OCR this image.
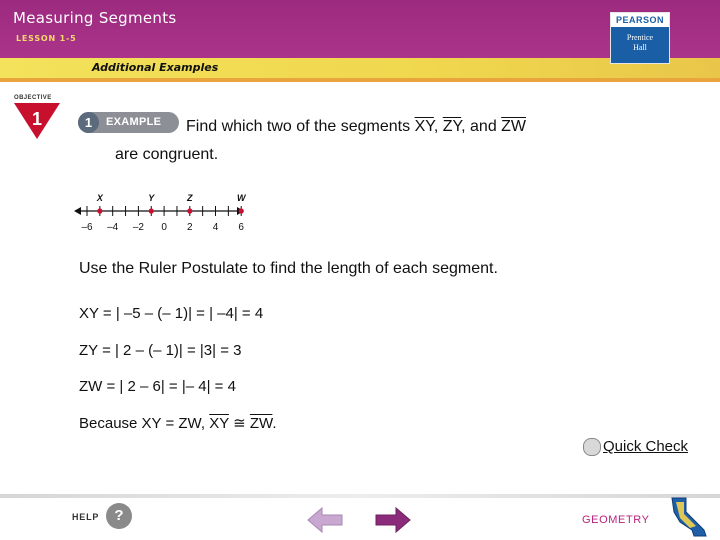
Measuring Segments
LESSON 1-5
Additional Examples
PEARSON
Prentice
Hall
OBJECTIVE
1	1	EXAMPLE Find which two of the segments $\overline{XY}$, $\overline{ZY}$, and $\overline{ZW}$
are congruent.
–6 –4 –2 0 2 4 6
X	Y	Z	W
Use the Ruler Postulate to find the length of each segment.
XY = | –5 – (– 1)| = | –4| = 4
ZY = | 2 – (– 1)| = |3| = 3
ZW = | 2 – 6| = |– 4| = 4
Because XY = ZW, $\overline{XY}$ ≅ $\overline{ZW}$.
Quick Check
HELP	?	GEOMETRY
